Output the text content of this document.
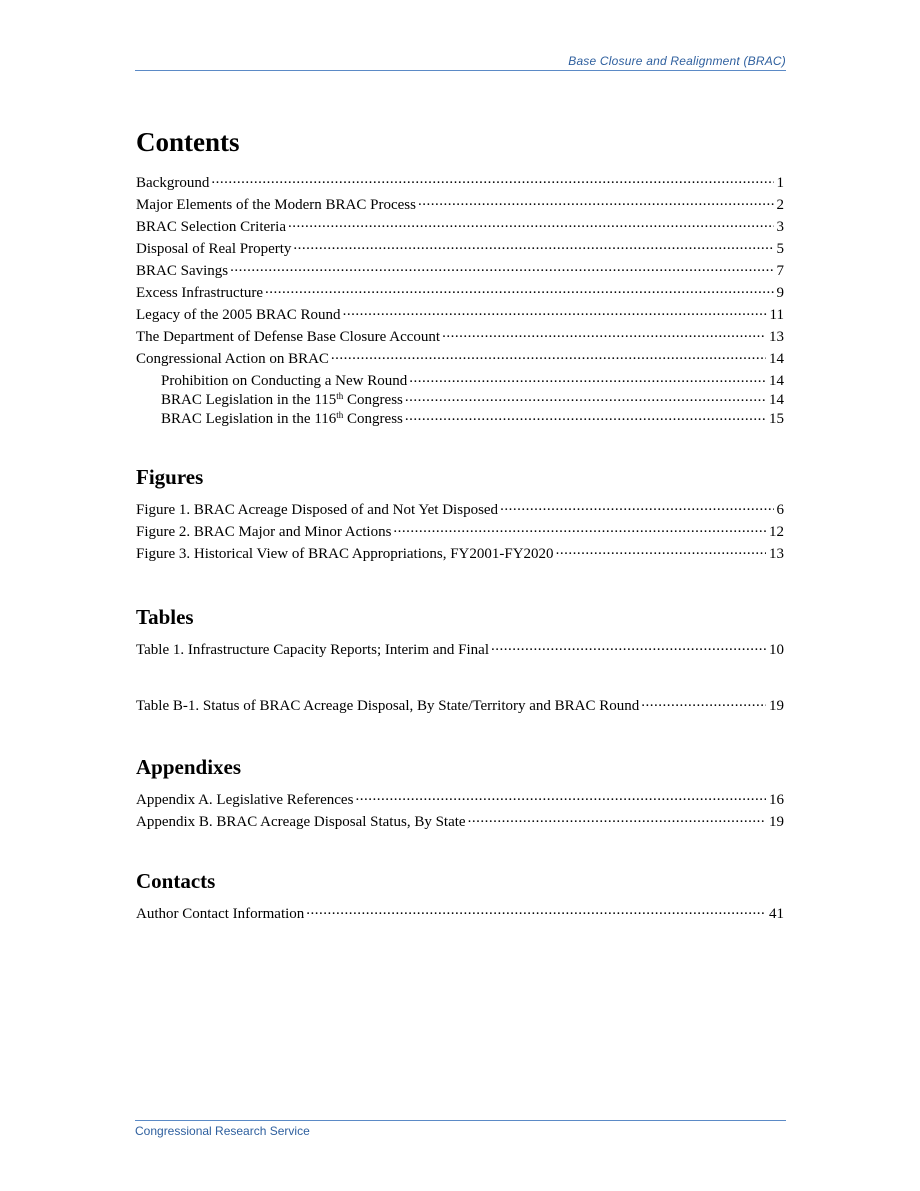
Base Closure and Realignment (BRAC)
Contents
Background .....	1
Major Elements of the Modern BRAC Process .....	2
BRAC Selection Criteria .....	3
Disposal of Real Property .....	5
BRAC Savings .....	7
Excess Infrastructure .....	9
Legacy of the 2005 BRAC Round .....	11
The Department of Defense Base Closure Account .....	13
Congressional Action on BRAC .....	14
Prohibition on Conducting a New Round .....	14
BRAC Legislation in the 115th Congress .....	14
BRAC Legislation in the 116th Congress .....	15
Figures
Figure 1. BRAC Acreage Disposed of and Not Yet Disposed .....	6
Figure 2. BRAC Major and Minor Actions .....	12
Figure 3. Historical View of BRAC Appropriations, FY2001-FY2020 .....	13
Tables
Table 1. Infrastructure Capacity Reports; Interim and Final .....	10
Table B-1. Status of BRAC Acreage Disposal, By State/Territory and BRAC Round .....	19
Appendixes
Appendix A. Legislative References .....	16
Appendix B. BRAC Acreage Disposal Status, By State .....	19
Contacts
Author Contact Information .....	41
Congressional Research Service
